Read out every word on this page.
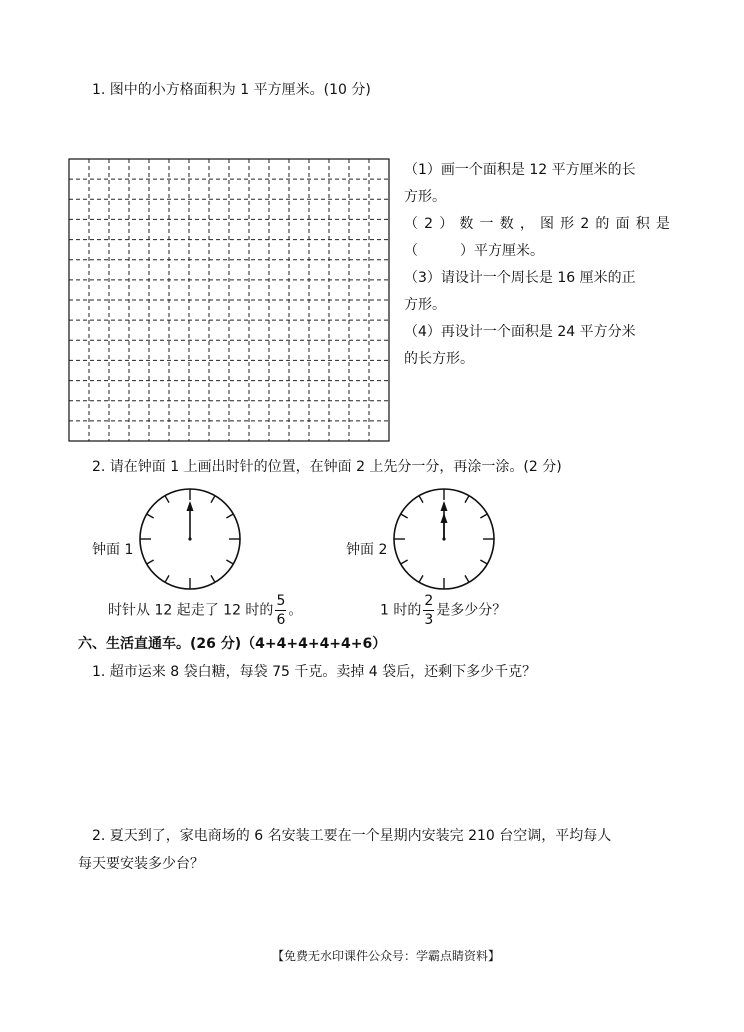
1. 图中的小方格面积为 1 平方厘米。(10 分)
（1）画一个面积是 12 平方厘米的长
方形。
（ 2 ） 数 一 数 ， 图 形 2 的 面 积 是
（　　　）平方厘米。
（3）请设计一个周长是 16 厘米的正
方形。
（4）再设计一个面积是 24 平方分米
的长方形。
2. 请在钟面 1 上画出时针的位置，在钟面 2 上先分一分，再涂一涂。(2 分)
钟面 1	钟面 2
时针从 12 起走了 12 时的 $\frac{5}{6}$ 。	1 时的 $\frac{2}{3}$ 是多少分？
六、生活直通车。(26 分)（4+4+4+4+4+6）
1. 超市运来 8 袋白糖，每袋 75 千克。卖掉 4 袋后，还剩下多少千克？
2. 夏天到了，家电商场的 6 名安装工要在一个星期内安装完 210 台空调，平均每人
每天要安装多少台？
【免费无水印课件公众号：学霸点睛资料】
